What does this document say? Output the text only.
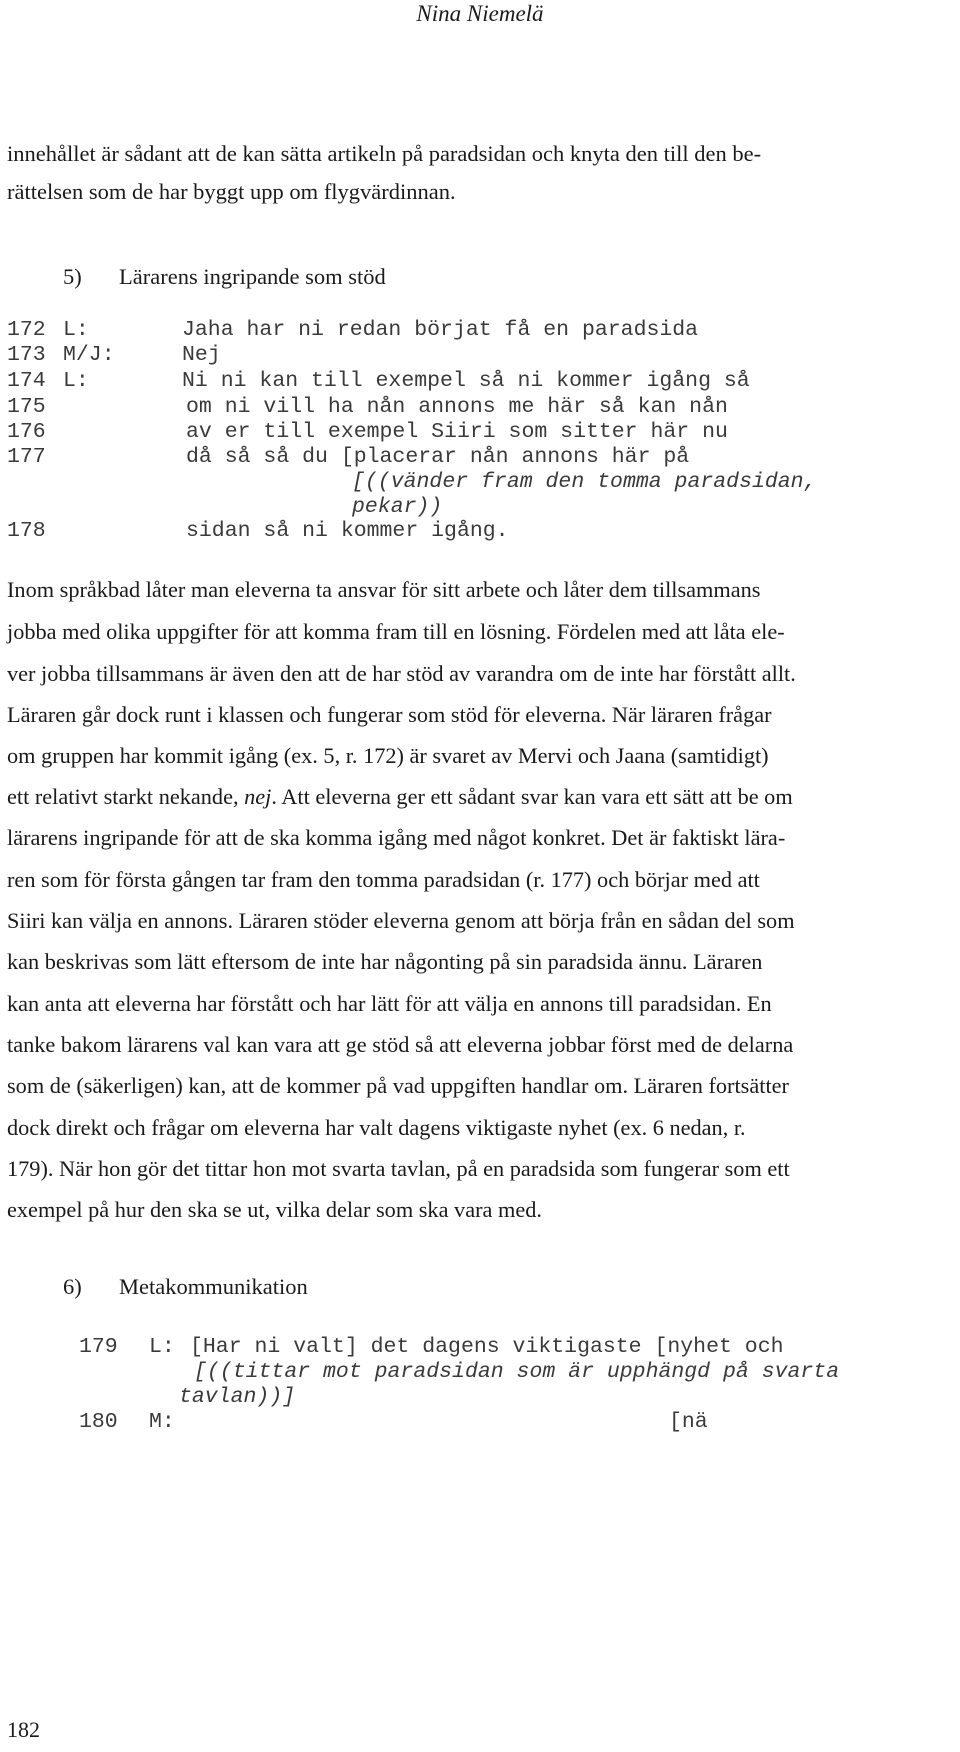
Nina Niemelä
innehållet är sådant att de kan sätta artikeln på paradsidan och knyta den till den be-
rättelsen som de har byggt upp om flygvärdinnan.
5) Lärarens ingripande som stöd
172 L:	Jaha har ni redan börjat få en paradsida
173 M/J:	Nej
174 L:	Ni ni kan till exempel så ni kommer igång så
175	om ni vill ha nån annons me här så kan nån
176	av er till exempel Siiri som sitter här nu
177	då så så du [placerar nån annons här på
[((vänder fram den tomma paradsidan,
pekar))
178	sidan så ni kommer igång.
Inom språkbad låter man eleverna ta ansvar för sitt arbete och låter dem tillsammans
jobba med olika uppgifter för att komma fram till en lösning. Fördelen med att låta ele-
ver jobba tillsammans är även den att de har stöd av varandra om de inte har förstått allt.
Läraren går dock runt i klassen och fungerar som stöd för eleverna. När läraren frågar
om gruppen har kommit igång (ex. 5, r. 172) är svaret av Mervi och Jaana (samtidigt)
ett relativt starkt nekande, nej. Att eleverna ger ett sådant svar kan vara ett sätt att be om
lärarens ingripande för att de ska komma igång med något konkret. Det är faktiskt lära-
ren som för första gången tar fram den tomma paradsidan (r. 177) och börjar med att
Siiri kan välja en annons. Läraren stöder eleverna genom att börja från en sådan del som
kan beskrivas som lätt eftersom de inte har någonting på sin paradsida ännu. Läraren
kan anta att eleverna har förstått och har lätt för att välja en annons till paradsidan. En
tanke bakom lärarens val kan vara att ge stöd så att eleverna jobbar först med de delarna
som de (säkerligen) kan, att de kommer på vad uppgiften handlar om. Läraren fortsätter
dock direkt och frågar om eleverna har valt dagens viktigaste nyhet (ex. 6 nedan, r.
179). När hon gör det tittar hon mot svarta tavlan, på en paradsida som fungerar som ett
exempel på hur den ska se ut, vilka delar som ska vara med.
6) Metakommunikation
179 L: [Har ni valt] det dagens viktigaste [nyhet och
[((tittar mot paradsidan som är upphängd på svarta
tavlan))]
180 M:	[nä
182
